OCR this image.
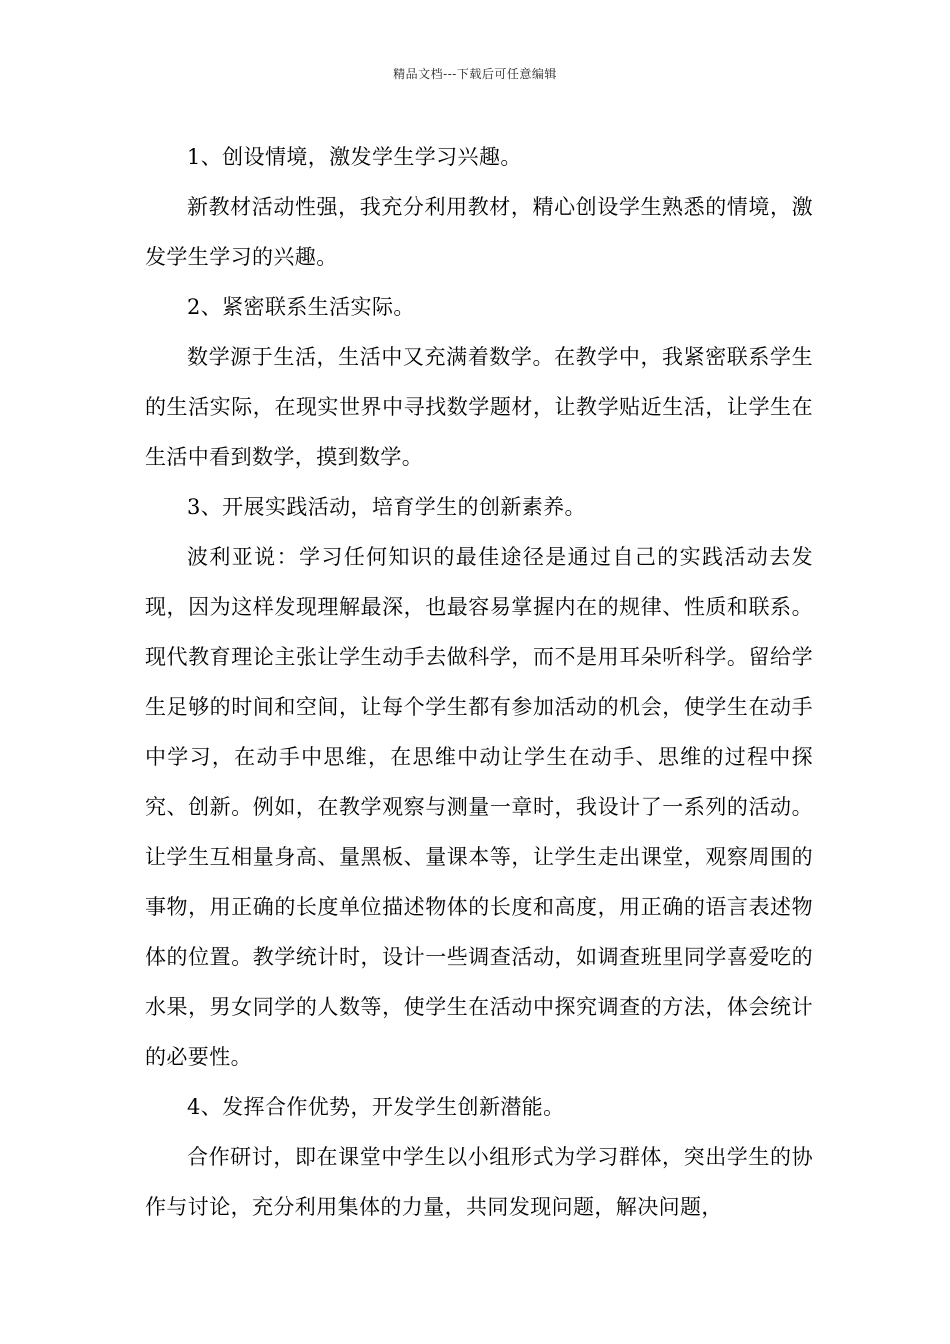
精品文档---下载后可任意编辑

1、创设情境，激发学生学习兴趣。

新教材活动性强，我充分利用教材，精心创设学生熟悉的情境，激发学生学习的兴趣。

2、紧密联系生活实际。

数学源于生活，生活中又充满着数学。在教学中，我紧密联系学生的生活实际，在现实世界中寻找数学题材，让教学贴近生活，让学生在生活中看到数学，摸到数学。

3、开展实践活动，培育学生的创新素养。

波利亚说：学习任何知识的最佳途径是通过自己的实践活动去发现，因为这样发现理解最深，也最容易掌握内在的规律、性质和联系。现代教育理论主张让学生动手去做科学，而不是用耳朵听科学。留给学生足够的时间和空间，让每个学生都有参加活动的机会，使学生在动手中学习，在动手中思维，在思维中动让学生在动手、思维的过程中探究、创新。例如，在教学观察与测量一章时，我设计了一系列的活动。让学生互相量身高、量黑板、量课本等，让学生走出课堂，观察周围的事物，用正确的长度单位描述物体的长度和高度，用正确的语言表述物体的位置。教学统计时，设计一些调查活动，如调查班里同学喜爱吃的水果，男女同学的人数等，使学生在活动中探究调查的方法，体会统计的必要性。

4、发挥合作优势，开发学生创新潜能。

合作研讨，即在课堂中学生以小组形式为学习群体，突出学生的协作与讨论，充分利用集体的力量，共同发现问题，解决问题，
